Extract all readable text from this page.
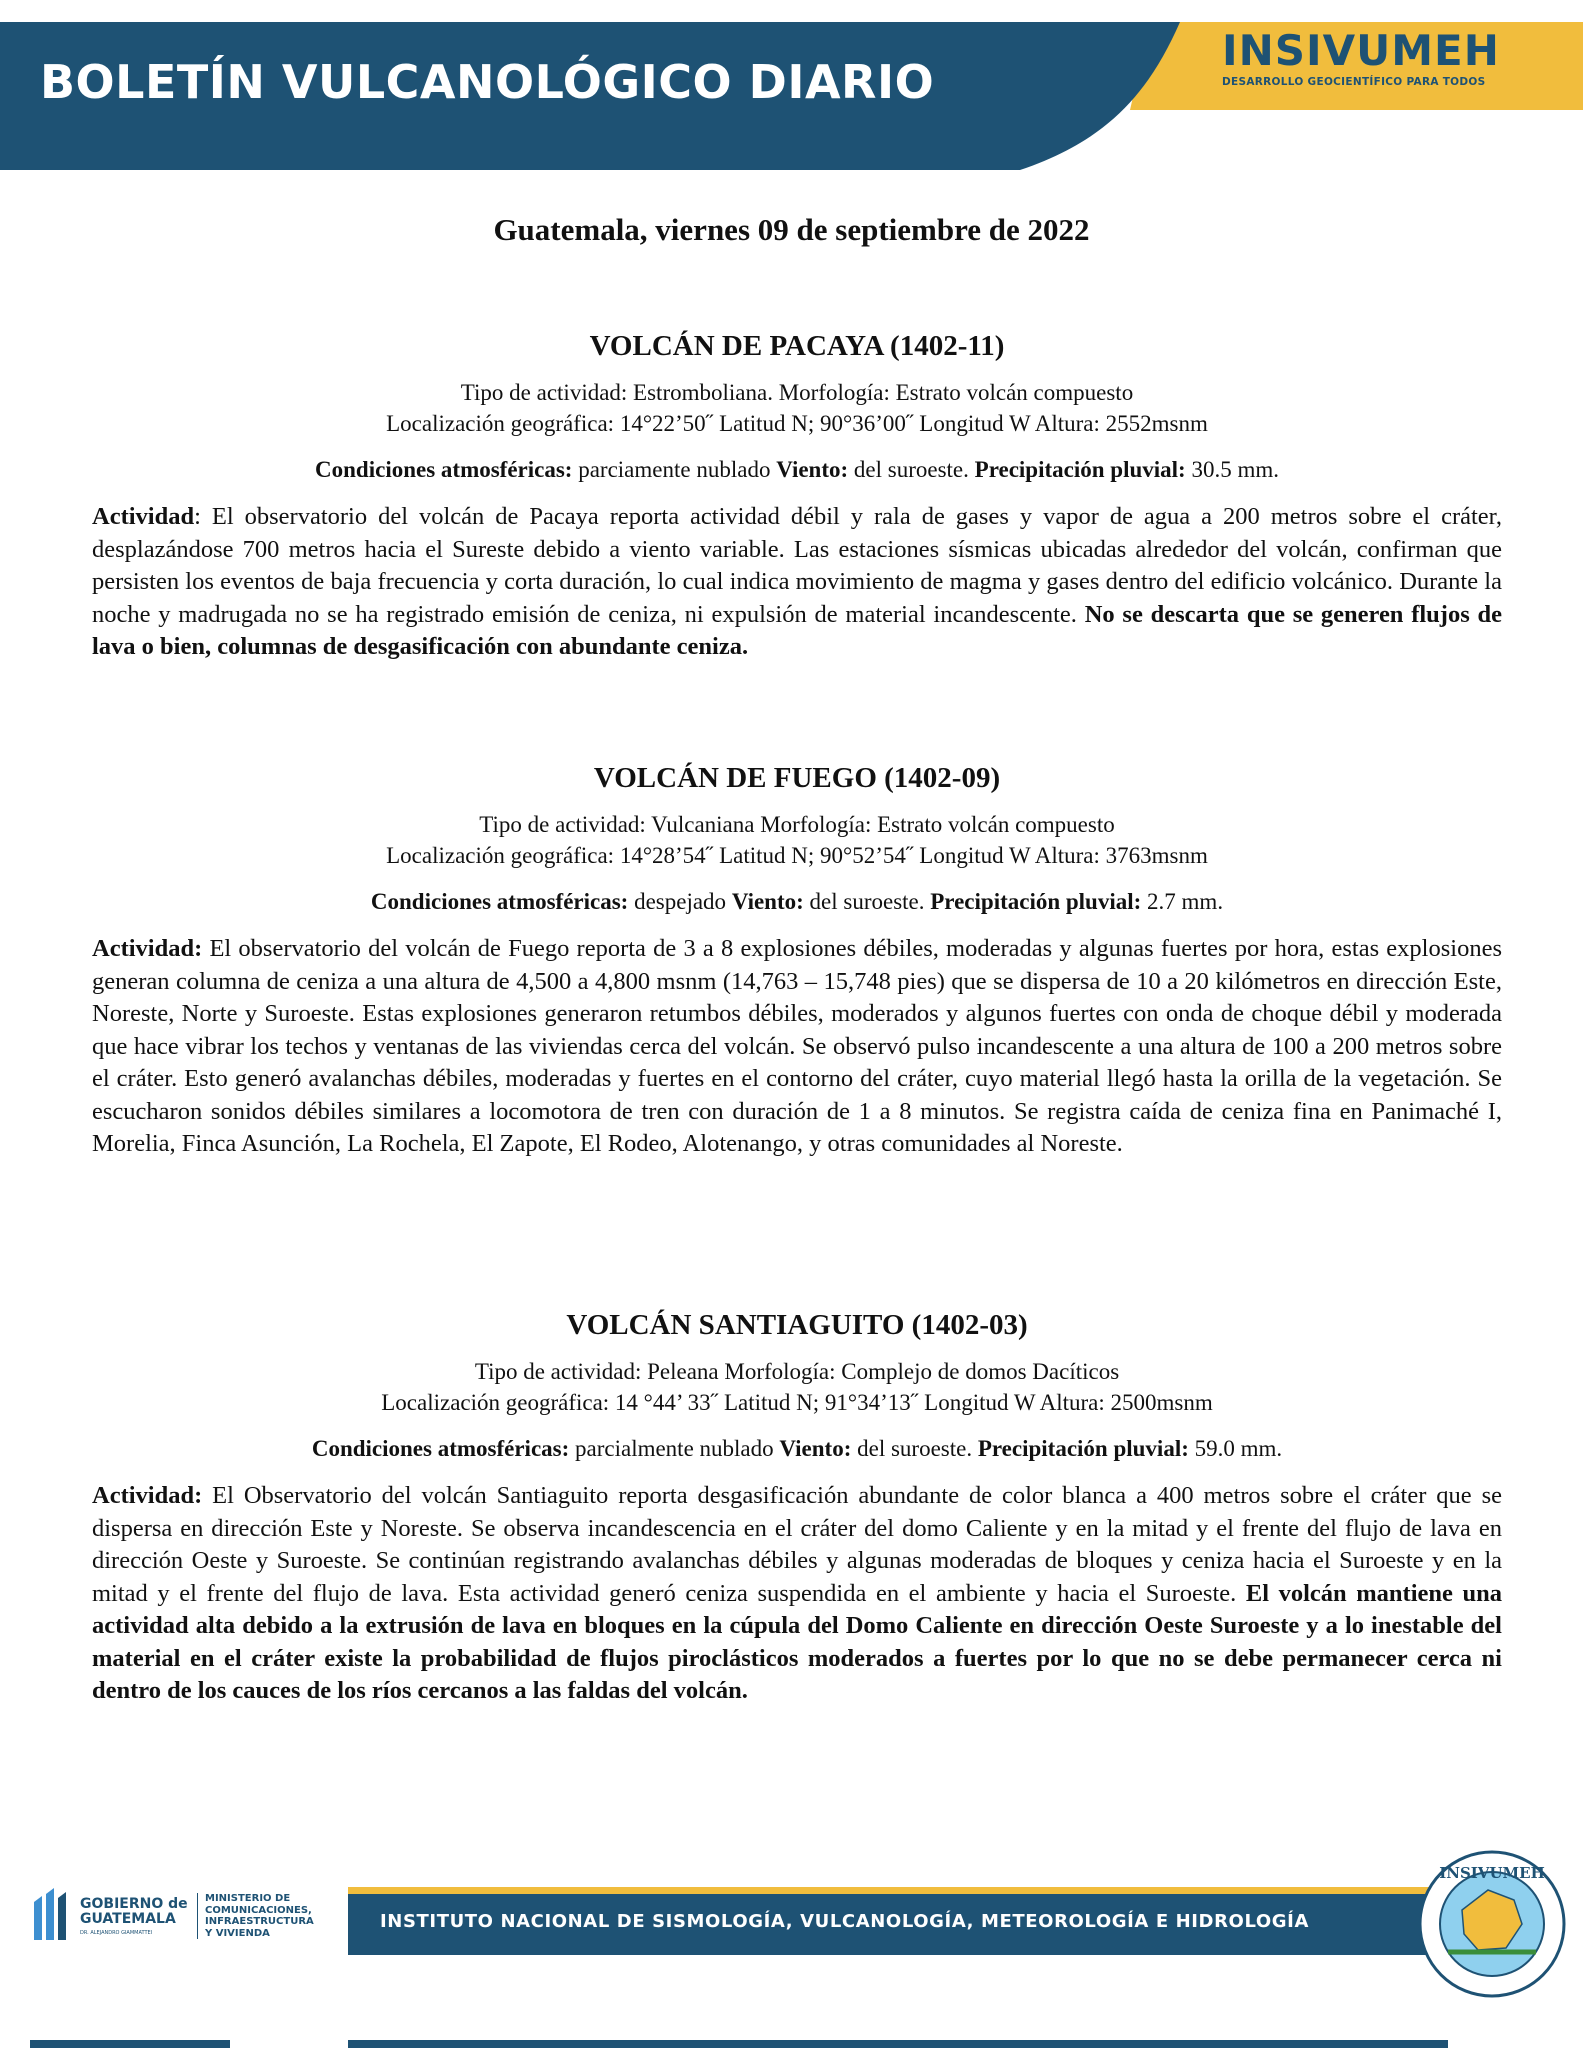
BOLETÍN VULCANOLÓGICO DIARIO
INSIVUMEH
DESARROLLO GEOCIENTÍFICO PARA TODOS

Guatemala, viernes 09 de septiembre de 2022

VOLCÁN DE PACAYA (1402-11)

Tipo de actividad: Estromboliana. Morfología: Estrato volcán compuesto

Localización geográfica: 14°22’50˝ Latitud N; 90°36’00˝ Longitud W Altura: 2552msnm

Condiciones atmosféricas: parciamente nublado Viento: del suroeste. Precipitación pluvial: 30.5 mm.

Actividad: El observatorio del volcán de Pacaya reporta actividad débil y rala de gases y vapor de agua a 200 metros sobre el cráter, desplazándose 700 metros hacia el Sureste debido a viento variable. Las estaciones sísmicas ubicadas alrededor del volcán, confirman que persisten los eventos de baja frecuencia y corta duración, lo cual indica movimiento de magma y gases dentro del edificio volcánico. Durante la noche y madrugada no se ha registrado emisión de ceniza, ni expulsión de material incandescente. No se descarta que se generen flujos de lava o bien, columnas de desgasificación con abundante ceniza.

VOLCÁN DE FUEGO (1402-09)

Tipo de actividad: Vulcaniana Morfología: Estrato volcán compuesto

Localización geográfica: 14°28’54˝ Latitud N; 90°52’54˝ Longitud W Altura: 3763msnm

Condiciones atmosféricas: despejado Viento: del suroeste. Precipitación pluvial: 2.7 mm.

Actividad: El observatorio del volcán de Fuego reporta de 3 a 8 explosiones débiles, moderadas y algunas fuertes por hora, estas explosiones generan columna de ceniza a una altura de 4,500 a 4,800 msnm (14,763 – 15,748 pies) que se dispersa de 10 a 20 kilómetros en dirección Este, Noreste, Norte y Suroeste. Estas explosiones generaron retumbos débiles, moderados y algunos fuertes con onda de choque débil y moderada que hace vibrar los techos y ventanas de las viviendas cerca del volcán. Se observó pulso incandescente a una altura de 100 a 200 metros sobre el cráter. Esto generó avalanchas débiles, moderadas y fuertes en el contorno del cráter, cuyo material llegó hasta la orilla de la vegetación. Se escucharon sonidos débiles similares a locomotora de tren con duración de 1 a 8 minutos. Se registra caída de ceniza fina en Panimaché I, Morelia, Finca Asunción, La Rochela, El Zapote, El Rodeo, Alotenango, y otras comunidades al Noreste.

VOLCÁN SANTIAGUITO (1402-03)

Tipo de actividad: Peleana Morfología: Complejo de domos Dacíticos

Localización geográfica: 14 °44’ 33˝ Latitud N; 91°34’13˝ Longitud W Altura: 2500msnm

Condiciones atmosféricas: parcialmente nublado Viento: del suroeste. Precipitación pluvial: 59.0 mm.

Actividad: El Observatorio del volcán Santiaguito reporta desgasificación abundante de color blanca a 400 metros sobre el cráter que se dispersa en dirección Este y Noreste. Se observa incandescencia en el cráter del domo Caliente y en la mitad y el frente del flujo de lava en dirección Oeste y Suroeste. Se continúan registrando avalanchas débiles y algunas moderadas de bloques y ceniza hacia el Suroeste y en la mitad y el frente del flujo de lava. Esta actividad generó ceniza suspendida en el ambiente y hacia el Suroeste. El volcán mantiene una actividad alta debido a la extrusión de lava en bloques en la cúpula del Domo Caliente en dirección Oeste Suroeste y a lo inestable del material en el cráter existe la probabilidad de flujos piroclásticos moderados a fuertes por lo que no se debe permanecer cerca ni dentro de los cauces de los ríos cercanos a las faldas del volcán.

GOBIERNO de
GUATEMALA
DR. ALEJANDRO GIAMMATTEI
MINISTERIO DE
COMUNICACIONES,
INFRAESTRUCTURA
Y VIVIENDA
INSTITUTO NACIONAL DE SISMOLOGÍA, VULCANOLOGÍA, METEOROLOGÍA E HIDROLOGÍA
INSIVUMEH
